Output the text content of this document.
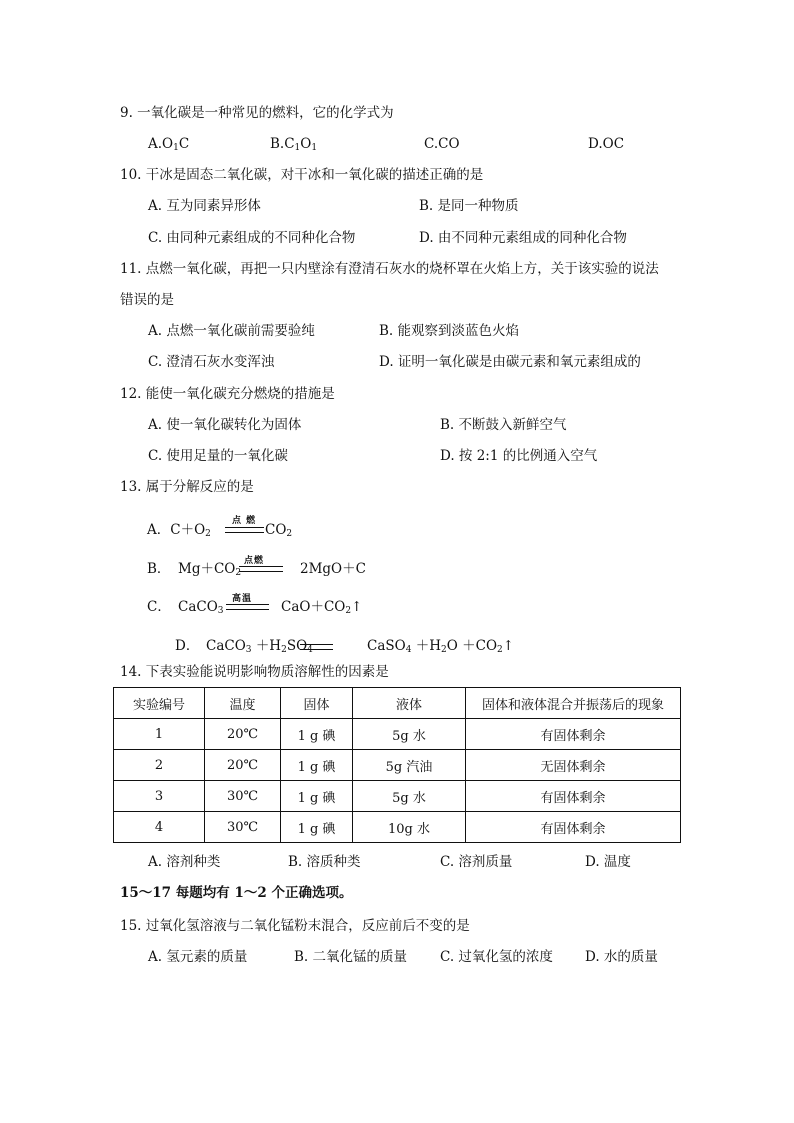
9. 一氧化碳是一种常见的燃料，它的化学式为
$A.O_1C$	$B.C_1O_1$	C.CO	D.OC
10. 干冰是固态二氧化碳，对干冰和一氧化碳的描述正确的是
A. 互为同素异形体	B. 是同一种物质
C. 由同种元素组成的不同种化合物	D. 由不同种元素组成的同种化合物
11. 点燃一氧化碳，再把一只内壁涂有澄清石灰水的烧杯罩在火焰上方，关于该实验的说法
错误的是
A. 点燃一氧化碳前需要验纯	B. 能观察到淡蓝色火焰
C. 澄清石灰水变浑浊	D. 证明一氧化碳是由碳元素和氧元素组成的
12. 能使一氧化碳充分燃烧的措施是
A. 使一氧化碳转化为固体	B. 不断鼓入新鲜空气
C. 使用足量的一氧化碳	D. 按 2:1 的比例通入空气
13. 属于分解反应的是
A．$C+O_2$
点 燃
$CO_2$
B． $Mg+CO_2$
点燃	2MgO＋C
C． CaCO$_3$
高温 $CaO+CO_2↑$
D． CaCO$_3$ $+H_2SO_4$	CaSO$_4$ $+H_2O$ $+CO_2↑$
14. 下表实验能说明影响物质溶解性的因素是
实验编号	温度	固体	液体	固体和液体混合并振荡后的现象
1	20℃	1 g 碘	5g 水	有固体剩余
2	20℃	1 g 碘	5g 汽油	无固体剩余
3	30℃	1 g 碘	5g 水	有固体剩余
4	30℃	1 g 碘	10g 水	有固体剩余
A. 溶剂种类	B. 溶质种类	C. 溶剂质量	D. 温度
15～17 每题均有 1～2 个正确选项。
15. 过氧化氢溶液与二氧化锰粉末混合，反应前后不变的是
A. 氢元素的质量	B. 二氧化锰的质量 C. 过氧化氢的浓度 D. 水的质量
